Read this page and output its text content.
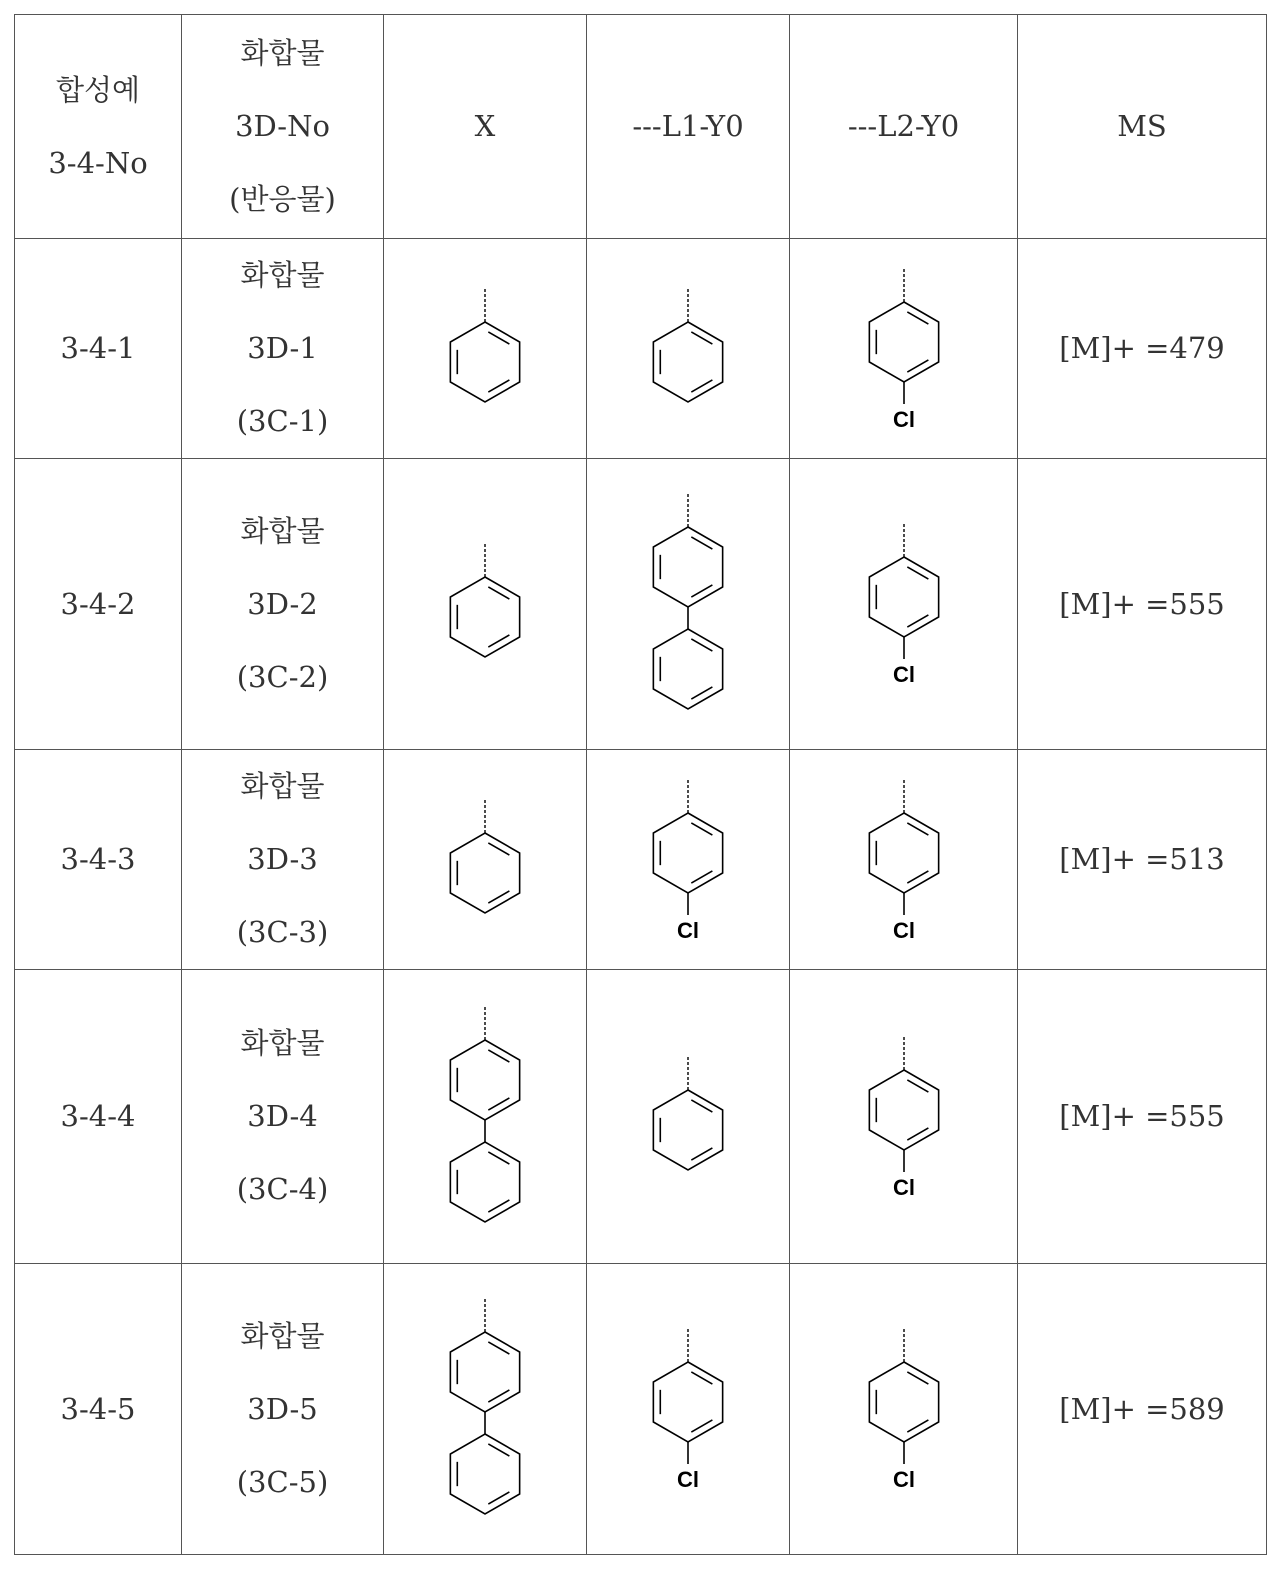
합성예
3-4-No

화합물
3D-No
(반응물)
	X	---L1-Y0	---L2-Y0	MS
3-4-1	
화합물
3D-1
(3C-1)			Cl
	[M]+ =479
3-4-2	
화합물
3D-2
(3C-2)			Cl
	[M]+ =555
3-4-3	
화합물
3D-3
(3C-3)		Cl	Cl
	[M]+ =513
3-4-4	
화합물
3D-4
(3C-4)			Cl
	[M]+ =555
3-4-5	
화합물
3D-5
(3C-5)		Cl	Cl
	[M]+ =589
